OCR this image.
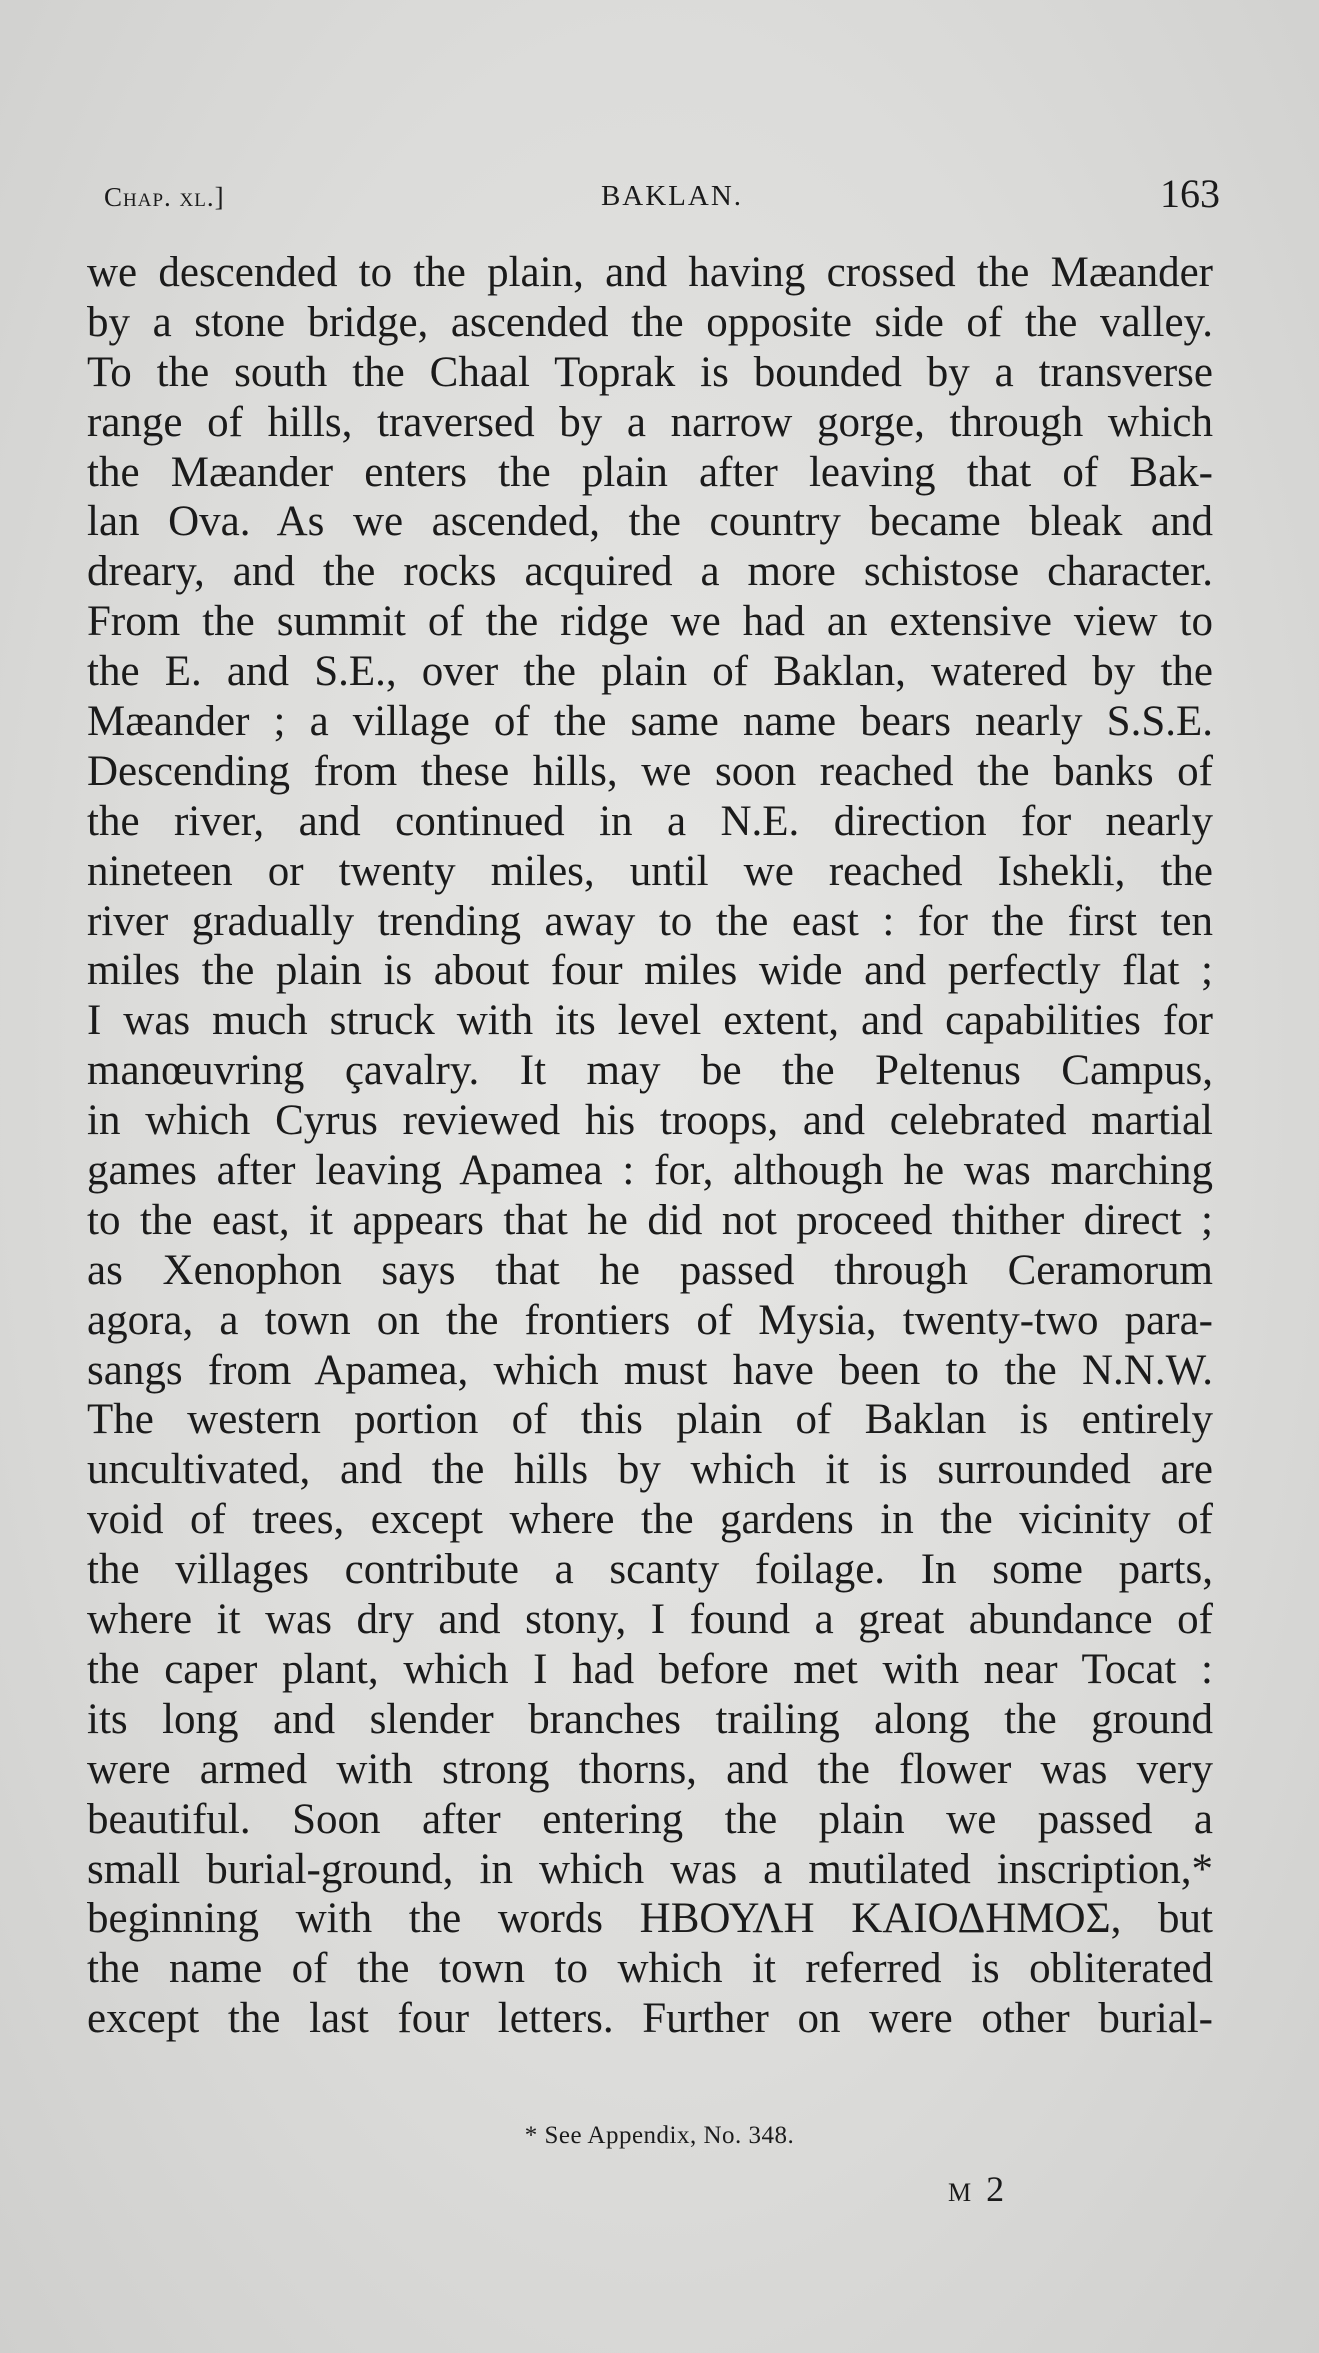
Chap. xl.]	BAKLAN.	163
we descended to the plain, and having crossed the Mæander
by a stone bridge, ascended the opposite side of the valley.
To the south the Chaal Toprak is bounded by a transverse
range of hills, traversed by a narrow gorge, through which
the Mæander enters the plain after leaving that of Bak-
lan Ova. As we ascended, the country became bleak and
dreary, and the rocks acquired a more schistose character.
From the summit of the ridge we had an extensive view to
the E. and S.E., over the plain of Baklan, watered by the
Mæander ; a village of the same name bears nearly S.S.E.
Descending from these hills, we soon reached the banks of
the river, and continued in a N.E. direction for nearly
nineteen or twenty miles, until we reached Ishekli, the
river gradually trending away to the east : for the first ten
miles the plain is about four miles wide and perfectly flat ;
I was much struck with its level extent, and capabilities for
manœuvring çavalry. It may be the Peltenus Campus,
in which Cyrus reviewed his troops, and celebrated martial
games after leaving Apamea : for, although he was marching
to the east, it appears that he did not proceed thither direct ;
as Xenophon says that he passed through Ceramorum
agora, a town on the frontiers of Mysia, twenty-two para-
sangs from Apamea, which must have been to the N.N.W.
The western portion of this plain of Baklan is entirely
uncultivated, and the hills by which it is surrounded are
void of trees, except where the gardens in the vicinity of
the villages contribute a scanty foilage. In some parts,
where it was dry and stony, I found a great abundance of
the caper plant, which I had before met with near Tocat :
its long and slender branches trailing along the ground
were armed with strong thorns, and the flower was very
beautiful. Soon after entering the plain we passed a
small burial-ground, in which was a mutilated inscription,*
beginning with the words ΗΒΟΥΛΗ ΚΑΙΟΔΗΜΟΣ, but
the name of the town to which it referred is obliterated
except the last four letters. Further on were other burial-
* See Appendix, No. 348.
M 2
